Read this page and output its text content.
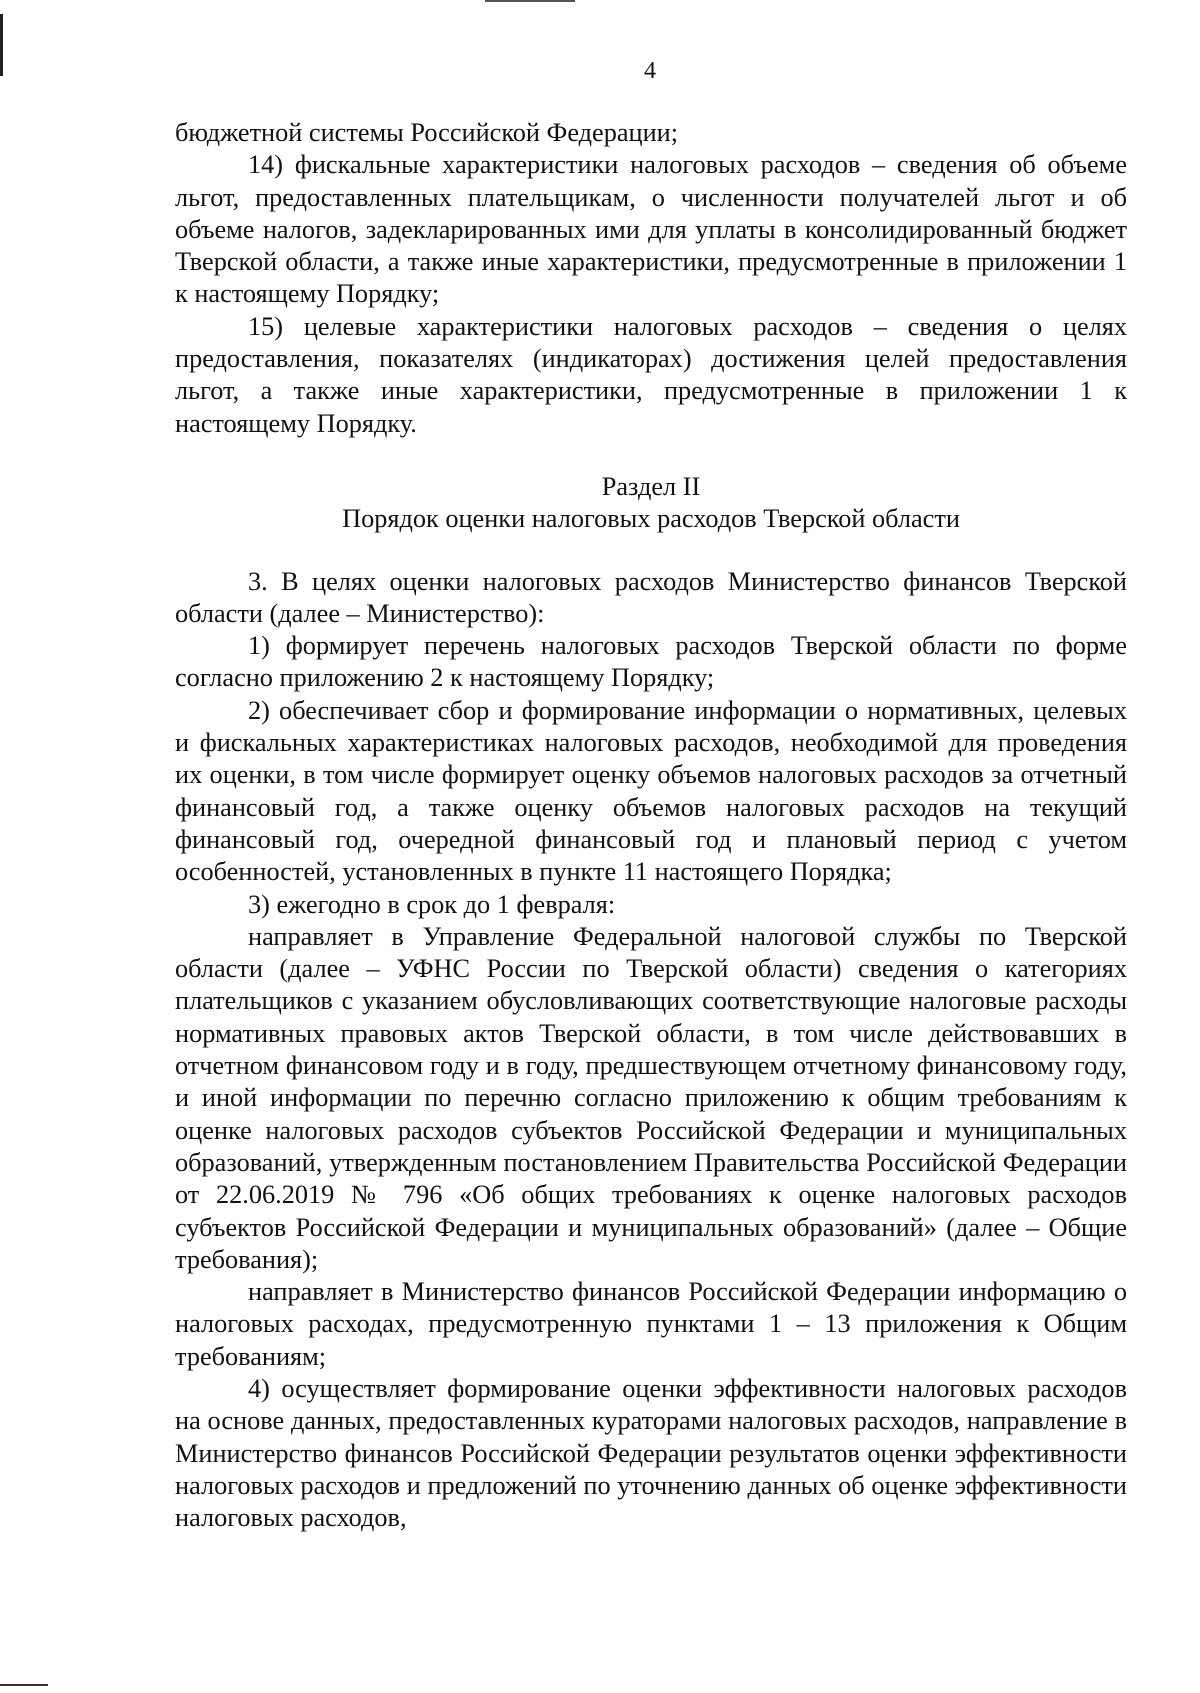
4

бюджетной системы Российской Федерации;

14) фискальные характеристики налоговых расходов – сведения об объеме льгот, предоставленных плательщикам, о численности получателей льгот и об объеме налогов, задекларированных ими для уплаты в консолидированный бюджет Тверской области, а также иные характеристики, предусмотренные в приложении 1 к настоящему Порядку;

15) целевые характеристики налоговых расходов – сведения о целях предоставления, показателях (индикаторах) достижения целей предоставления льгот, а также иные характеристики, предусмотренные в приложении 1 к настоящему Порядку.

Раздел II

Порядок оценки налоговых расходов Тверской области

3. В целях оценки налоговых расходов Министерство финансов Тверской области (далее – Министерство):

1) формирует перечень налоговых расходов Тверской области по форме согласно приложению 2 к настоящему Порядку;

2) обеспечивает сбор и формирование информации о нормативных, целевых и фискальных характеристиках налоговых расходов, необходимой для проведения их оценки, в том числе формирует оценку объемов налоговых расходов за отчетный финансовый год, а также оценку объемов налоговых расходов на текущий финансовый год, очередной финансовый год и плановый период с учетом особенностей, установленных в пункте 11 настоящего Порядка;

3) ежегодно в срок до 1 февраля:

направляет в Управление Федеральной налоговой службы по Тверской области (далее – УФНС России по Тверской области) сведения о категориях плательщиков с указанием обусловливающих соответствующие налоговые расходы нормативных правовых актов Тверской области, в том числе действовавших в отчетном финансовом году и в году, предшествующем отчетному финансовому году, и иной информации по перечню согласно приложению к общим требованиям к оценке налоговых расходов субъектов Российской Федерации и муниципальных образований, утвержденным постановлением Правительства Российской Федерации от 22.06.2019 № 796 «Об общих требованиях к оценке налоговых расходов субъектов Российской Федерации и муниципальных образований» (далее – Общие требования);

направляет в Министерство финансов Российской Федерации информацию о налоговых расходах, предусмотренную пунктами 1 – 13 приложения к Общим требованиям;

4) осуществляет формирование оценки эффективности налоговых расходов на основе данных, предоставленных кураторами налоговых расходов, направление в Министерство финансов Российской Федерации результатов оценки эффективности налоговых расходов и предложений по уточнению данных об оценке эффективности налоговых расходов,
